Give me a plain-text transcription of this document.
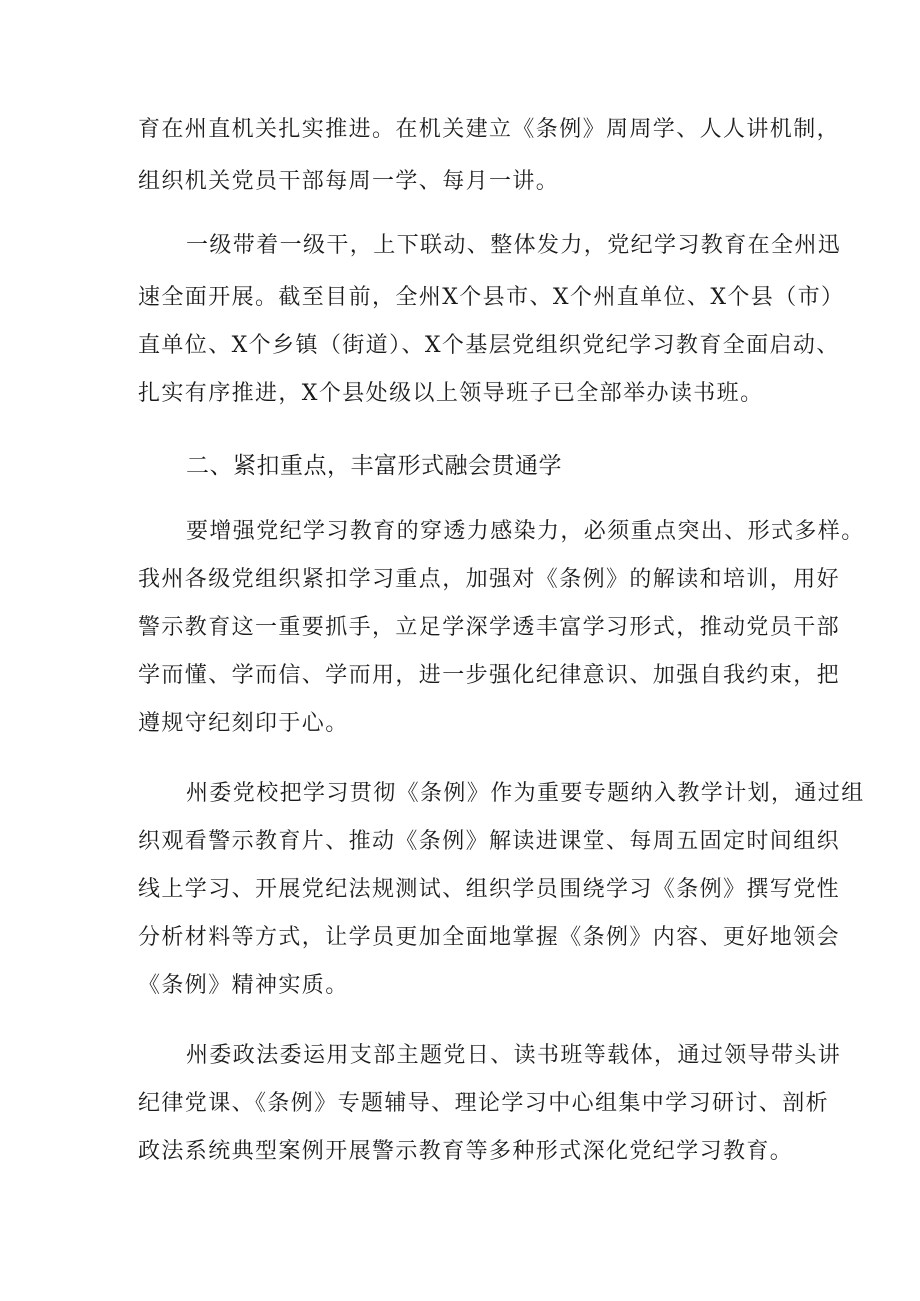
育在州直机关扎实推进。在机关建立《条例》周周学、人人讲机制，
组织机关党员干部每周一学、每月一讲。
一级带着一级干，上下联动、整体发力，党纪学习教育在全州迅
速全面开展。截至目前，全州X个县市、X个州直单位、X个县（市）
直单位、X个乡镇（街道）、X个基层党组织党纪学习教育全面启动、
扎实有序推进，X个县处级以上领导班子已全部举办读书班。
二、紧扣重点，丰富形式融会贯通学
要增强党纪学习教育的穿透力感染力，必须重点突出、形式多样。
我州各级党组织紧扣学习重点，加强对《条例》的解读和培训，用好
警示教育这一重要抓手，立足学深学透丰富学习形式，推动党员干部
学而懂、学而信、学而用，进一步强化纪律意识、加强自我约束，把
遵规守纪刻印于心。
州委党校把学习贯彻《条例》作为重要专题纳入教学计划，通过组
织观看警示教育片、推动《条例》解读进课堂、每周五固定时间组织
线上学习、开展党纪法规测试、组织学员围绕学习《条例》撰写党性
分析材料等方式，让学员更加全面地掌握《条例》内容、更好地领会
《条例》精神实质。
州委政法委运用支部主题党日、读书班等载体，通过领导带头讲
纪律党课、《条例》专题辅导、理论学习中心组集中学习研讨、剖析
政法系统典型案例开展警示教育等多种形式深化党纪学习教育。
